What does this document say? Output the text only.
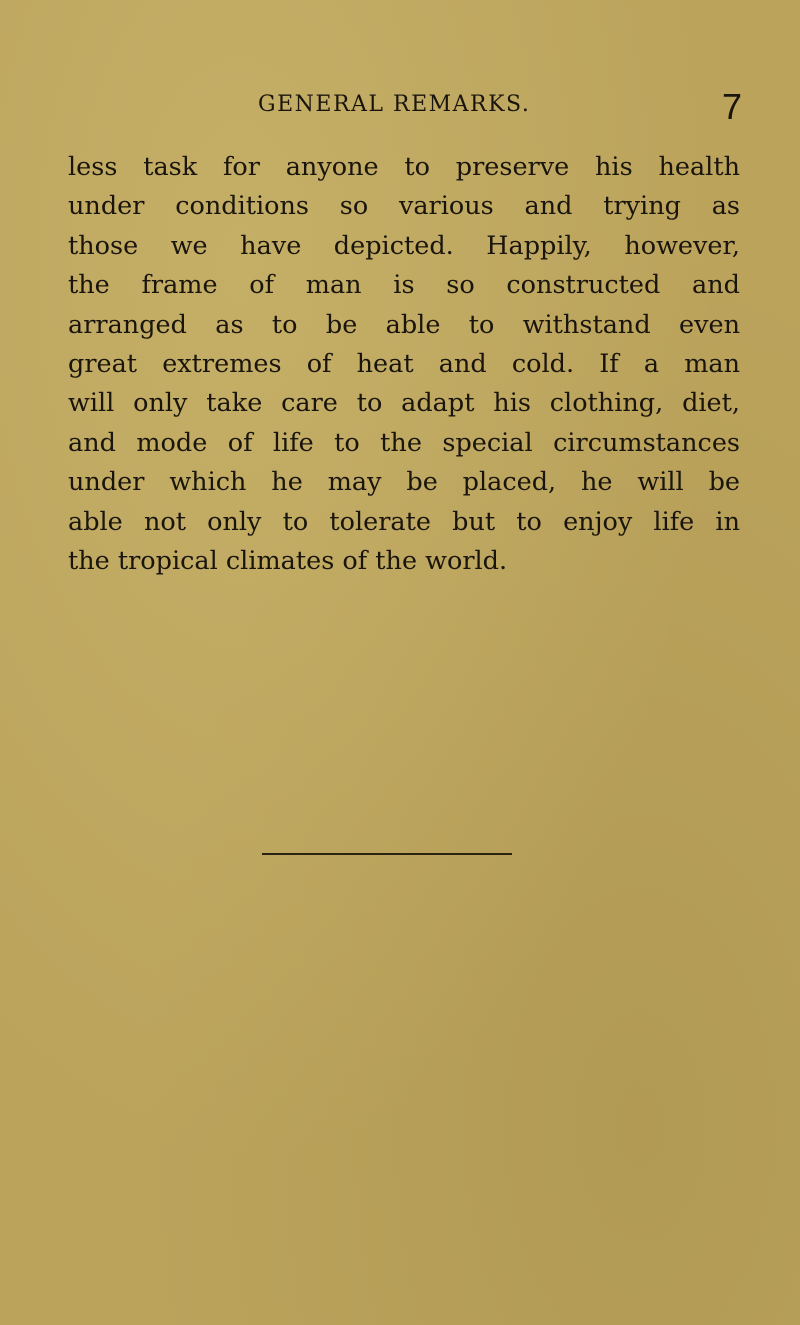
GENERAL REMARKS.	7

less task for anyone to preserve his health
under conditions so various and trying as
those we have depicted. Happily, however,
the frame of man is so constructed and
arranged as to be able to withstand even
great extremes of heat and cold. If a man
will only take care to adapt his clothing, diet,
and mode of life to the special circumstances
under which he may be placed, he will be
able not only to tolerate but to enjoy life in
the tropical climates of the world.
